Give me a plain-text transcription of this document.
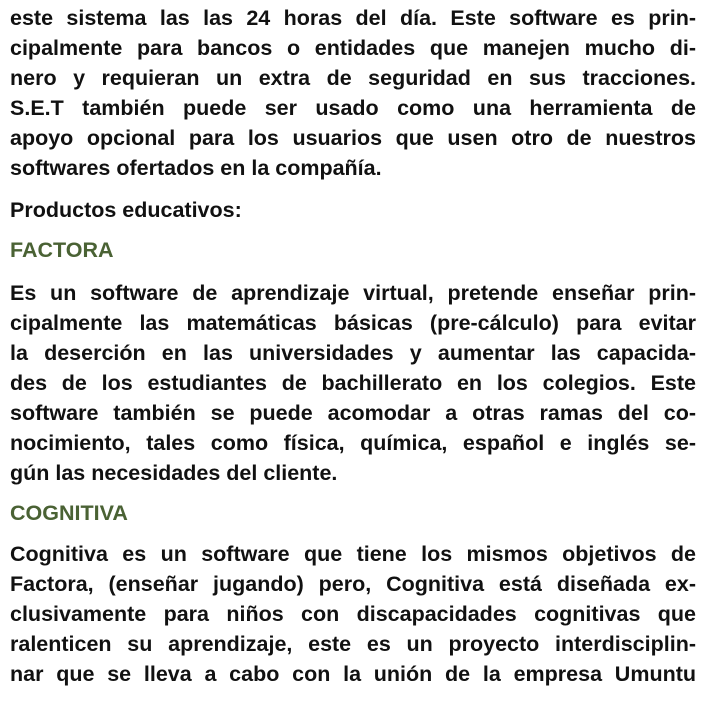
este sistema las las 24 horas del día. Este software es prin-
cipalmente para bancos o entidades que manejen mucho di-
nero y requieran un extra de seguridad en sus tracciones.
S.E.T también puede ser usado como una herramienta de
apoyo opcional para los usuarios que usen otro de nuestros
softwares ofertados en la compañía.
Productos educativos:
FACTORA
Es un software de aprendizaje virtual, pretende enseñar prin-
cipalmente las matemáticas básicas (pre-cálculo) para evitar
la deserción en las universidades y aumentar las capacida-
des de los estudiantes de bachillerato en los colegios. Este
software también se puede acomodar a otras ramas del co-
nocimiento, tales como física, química, español e inglés se-
gún las necesidades del cliente.
COGNITIVA
Cognitiva es un software que tiene los mismos objetivos de
Factora, (enseñar jugando) pero, Cognitiva está diseñada ex-
clusivamente para niños con discapacidades cognitivas que
ralenticen su aprendizaje, este es un proyecto interdisciplin-
nar que se lleva a cabo con la unión de la empresa Umuntu
